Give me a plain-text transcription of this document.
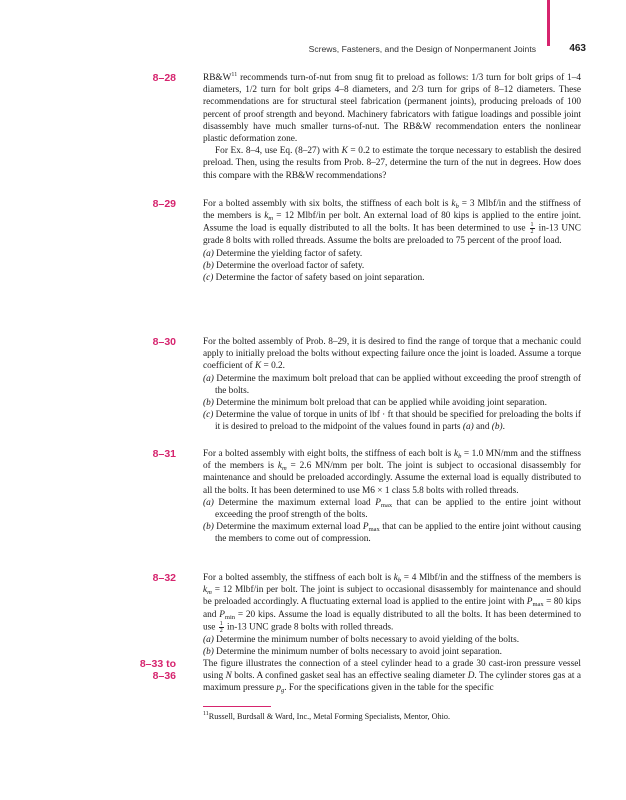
Screws, Fasteners, and the Design of Nonpermanent Joints	463
8–28	$RB\&W^{11}$ recommends turn-of-nut from snug fit to preload as follows: 1/3 turn for bolt grips of 1–4 diameters, 1/2 turn for bolt grips 4–8 diameters, and 2/3 turn for grips of 8–12 diameters. These recommendations are for structural steel fabrication (permanent joints), producing preloads of 100 percent of proof strength and beyond. Machinery fabricators with fatigue loadings and possible joint disassembly have much smaller turns-of-nut. The RB&W recommendation enters the nonlinear plastic deformation zone.

For Ex. 8–4, use Eq. (8–27) with K = 0.2 to estimate the torque necessary to establish the desired preload. Then, using the results from Prob. 8–27, determine the turn of the nut in degrees. How does this compare with the RB&W recommendations?

8–29	For a bolted assembly with six bolts, the stiffness of each bolt is $k_b = 3$ Mlbf/in and the stiffness of the members is $k_m = 12$ Mlbf/in per bolt. An external load of 80 kips is applied to the entire joint. Assume the load is equally distributed to all the bolts. It has been determined to use $\frac{1}{2} in-13$ UNC grade 8 bolts with rolled threads. Assume the bolts are preloaded to 75 percent of the proof load.

(a) Determine the yielding factor of safety.

(b) Determine the overload factor of safety.

(c) Determine the factor of safety based on joint separation.

8–30	For the bolted assembly of Prob. 8–29, it is desired to find the range of torque that a mechanic could apply to initially preload the bolts without expecting failure once the joint is loaded. Assume a torque coefficient of K = 0.2.

(a) Determine the maximum bolt preload that can be applied without exceeding the proof strength of the bolts.

(b) Determine the minimum bolt preload that can be applied while avoiding joint separation.

(c) Determine the value of torque in units of lbf · ft that should be specified for preloading the bolts if it is desired to preload to the midpoint of the values found in parts (a) and (b).

8–31	For a bolted assembly with eight bolts, the stiffness of each bolt is $k_b = 1.0$ MN/mm and the stiffness of the members is $k_m = 2.6$ MN/mm per bolt. The joint is subject to occasional disassembly for maintenance and should be preloaded accordingly. Assume the external load is equally distributed to all the bolts. It has been determined to use M6 × 1 class 5.8 bolts with rolled threads.

(a) Determine the maximum external load $P_{max}$ that can be applied to the entire joint without exceeding the proof strength of the bolts.

(b) Determine the maximum external load $P_{max}$ that can be applied to the entire joint without causing the members to come out of compression.

8–32	For a bolted assembly, the stiffness of each bolt is $k_b = 4$ Mlbf/in and the stiffness of the members is $k_m = 12$ Mlbf/in per bolt. The joint is subject to occasional disassembly for maintenance and should be preloaded accordingly. A fluctuating external load is applied to the entire joint with $P_{max} = 80$ kips and $P_{min} = 20$ kips. Assume the load is equally distributed to all the bolts. It has been determined to use $\frac{1}{2} in-13$ UNC grade 8 bolts with rolled threads.

(a) Determine the minimum number of bolts necessary to avoid yielding of the bolts.

(b) Determine the minimum number of bolts necessary to avoid joint separation.

8–33 to
8–36

The figure illustrates the connection of a steel cylinder head to a grade 30 cast-iron pressure vessel using N bolts. A confined gasket seal has an effective sealing diameter D. The cylinder stores gas at a maximum pressure $p_g$. For the specifications given in the table for the specific

$^{11}$Russell, Burdsall & Ward, Inc., Metal Forming Specialists, Mentor, Ohio.
